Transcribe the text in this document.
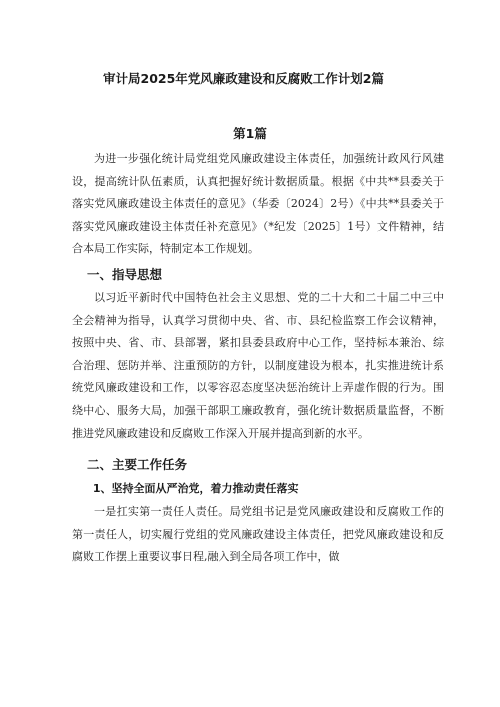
审计局2025年党风廉政建设和反腐败工作计划2篇
第1篇

为进一步强化统计局党组党风廉政建设主体责任，加强统计政风行风建设，提高统计队伍素质，认真把握好统计数据质量。根据《中共**县委关于落实党风廉政建设主体责任的意见》（华委〔2024〕2号）《中共**县委关于落实党风廉政建设主体责任补充意见》（*纪发〔2025〕1号）文件精神，结合本局工作实际，特制定本工作规划。

一、指导思想

以习近平新时代中国特色社会主义思想、党的二十大和二十届二中三中全会精神为指导，认真学习贯彻中央、省、市、县纪检监察工作会议精神，按照中央、省、市、县部署，紧扣县委县政府中心工作，坚持标本兼治、综合治理、惩防并举、注重预防的方针，以制度建设为根本，扎实推进统计系统党风廉政建设和工作，以零容忍态度坚决惩治统计上弄虚作假的行为。围绕中心、服务大局，加强干部职工廉政教育，强化统计数据质量监督，不断推进党风廉政建设和反腐败工作深入开展并提高到新的水平。

二、主要工作任务
1、坚持全面从严治党，着力推动责任落实

一是扛实第一责任人责任。局党组书记是党风廉政建设和反腐败工作的第一责任人，切实履行党组的党风廉政建设主体责任，把党风廉政建设和反腐败工作摆上重要议事日程,融入到全局各项工作中，做
